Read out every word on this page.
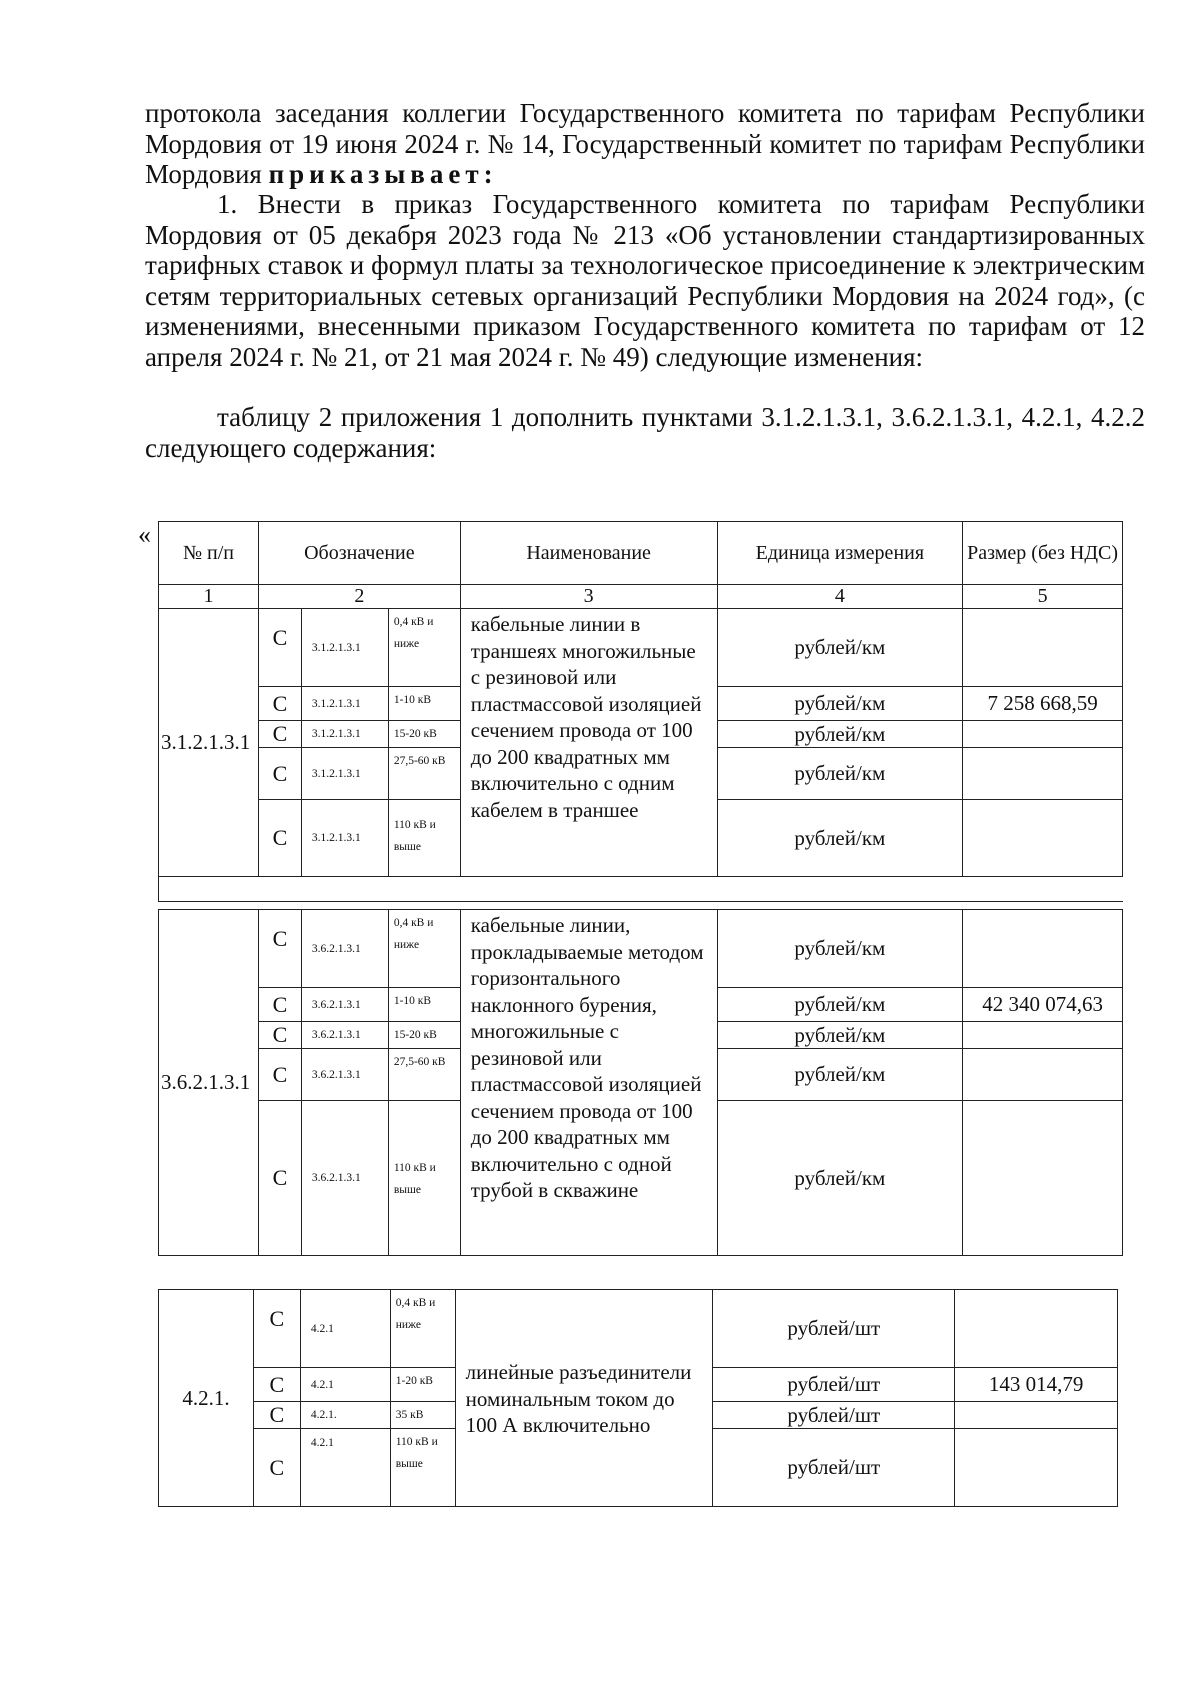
протокола заседания коллегии Государственного комитета по тарифам Республики Мордовия от 19 июня 2024 г. № 14, Государственный комитет по тарифам Республики Мордовия приказывает:

1. Внести в приказ Государственного комитета по тарифам Республики Мордовия от 05 декабря 2023 года № 213 «Об установлении стандартизированных тарифных ставок и формул платы за технологическое присоединение к электрическим сетям территориальных сетевых организаций Республики Мордовия на 2024 год», (с изменениями, внесенными приказом Государственного комитета по тарифам от 12 апреля 2024 г. № 21, от 21 мая 2024 г. № 49) следующие изменения:

таблицу 2 приложения 1 дополнить пунктами 3.1.2.1.3.1, 3.6.2.1.3.1, 4.2.1, 4.2.2 следующего содержания:

«
№ п/п	Обозначение			Наименование	Единица измерения	Размер (без НДС)
1	2			3	4	5
3.1.2.1.3.1	С	3.1.2.1.3.1	0,4 кВ и ниже	кабельные линии в траншеях многожильные с резиновой или пластмассовой изоляцией сечением провода от 100 до 200 квадратных мм включительно с одним кабелем в траншее	рублей/км	
	С	3.1.2.1.3.1	1-10 кВ		рублей/км	7 258 668,59
	С	3.1.2.1.3.1	15-20 кВ		рублей/км	
	С	3.1.2.1.3.1	27,5-60 кВ		рублей/км	
	С	3.1.2.1.3.1	110 кВ и выше		рублей/км	

3.6.2.1.3.1	С	3.6.2.1.3.1	0,4 кВ и ниже	кабельные линии, прокладываемые методом горизонтального наклонного бурения, многожильные с резиновой или пластмассовой изоляцией сечением провода от 100 до 200 квадратных мм включительно с одной трубой в скважине	рублей/км	
	С	3.6.2.1.3.1	1-10 кВ		рублей/км	42 340 074,63
	С	3.6.2.1.3.1	15-20 кВ		рублей/км	
	С	3.6.2.1.3.1	27,5-60 кВ		рублей/км	
	С	3.6.2.1.3.1	110 кВ и выше		рублей/км	
4.2.1.	С	4.2.1	0,4 кВ и ниже	линейные разъединители номинальным током до 100 А включительно	рублей/шт	
	С	4.2.1	1-20 кВ		рублей/шт	143 014,79
	С	4.2.1.	35 кВ		рублей/шт	
	С	4.2.1	110 кВ и выше		рублей/шт	
